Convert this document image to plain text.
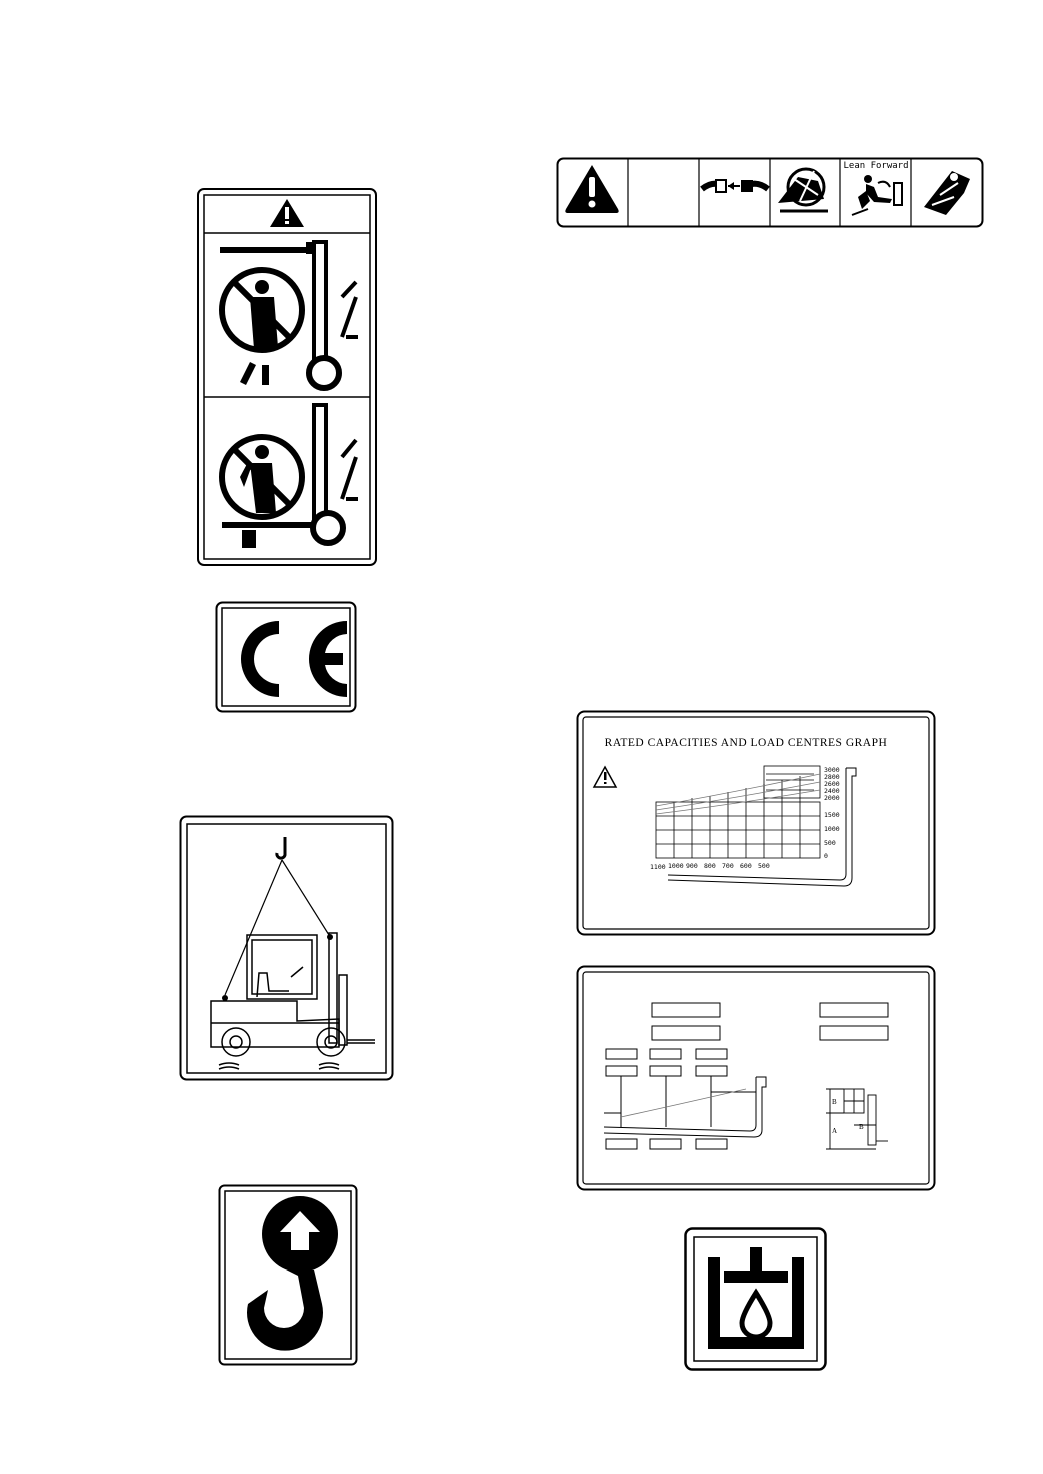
Lean Forward
RATED CAPACITIES AND LOAD CENTRES GRAPH
3000
2800
2600
2400
2000
1500
1000
500
0
1100 1000 900 800 700 600 500
B
A	B
